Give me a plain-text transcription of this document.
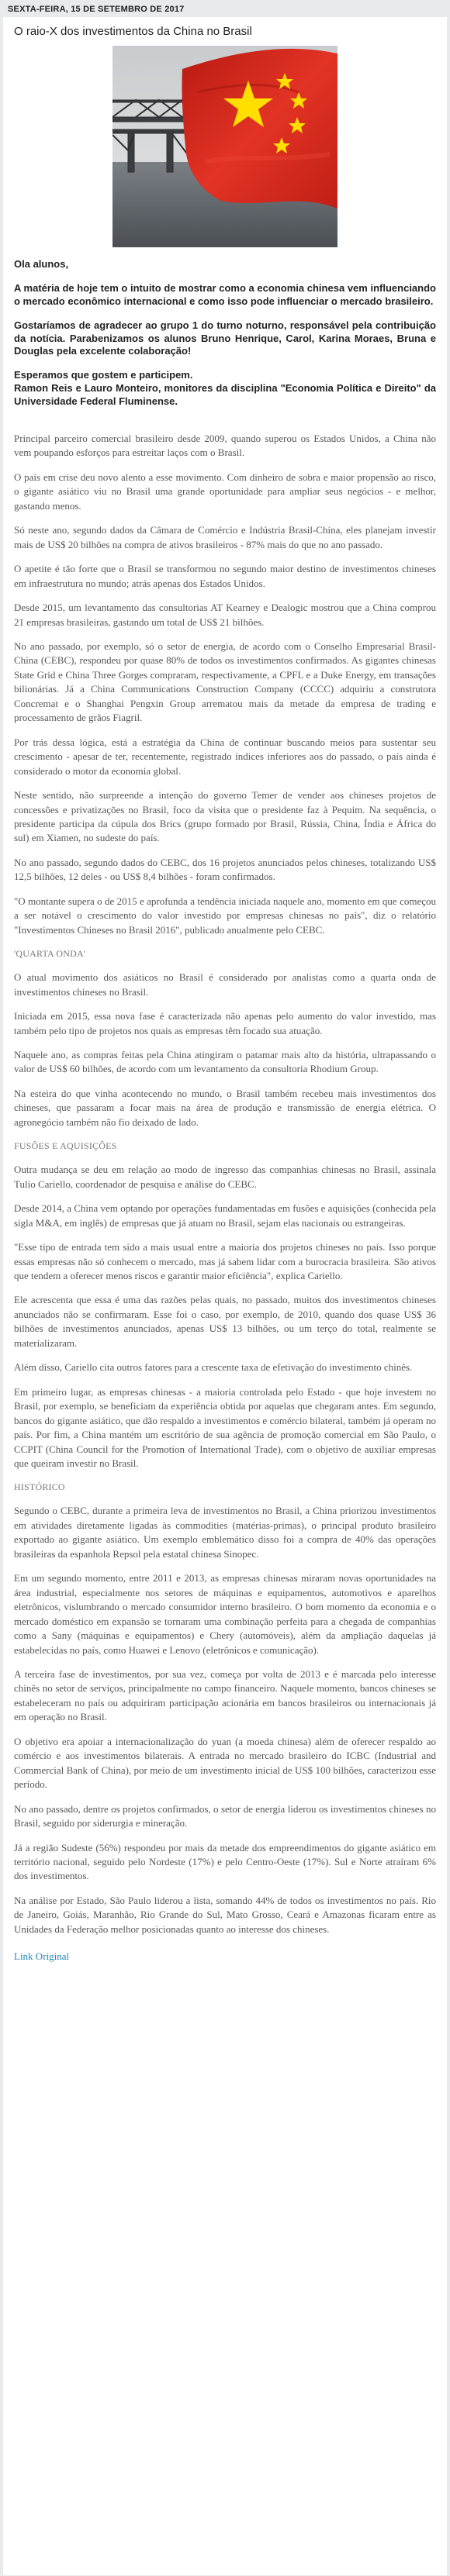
SEXTA-FEIRA, 15 DE SETEMBRO DE 2017
O raio-X dos investimentos da China no Brasil

Ola alunos,

A matéria de hoje tem o intuito de mostrar como a economia chinesa vem influenciando o mercado econômico internacional e como isso pode influenciar o mercado brasileiro.

Gostaríamos de agradecer ao grupo 1 do turno noturno, responsável pela contribuição da notícia. Parabenizamos os alunos Bruno Henrique, Carol, Karina Moraes, Bruna e Douglas pela excelente colaboração!

Esperamos que gostem e participem.

Ramon Reis e Lauro Monteiro, monitores da disciplina "Economia Política e Direito" da Universidade Federal Fluminense.

Principal parceiro comercial brasileiro desde 2009, quando superou os Estados Unidos, a China não vem poupando esforços para estreitar laços com o Brasil.

O país em crise deu novo alento a esse movimento. Com dinheiro de sobra e maior propensão ao risco, o gigante asiático viu no Brasil uma grande oportunidade para ampliar seus negócios - e melhor, gastando menos.

Só neste ano, segundo dados da Câmara de Comércio e Indústria Brasil-China, eles planejam investir mais de US$ 20 bilhões na compra de ativos brasileiros - 87% mais do que no ano passado.

O apetite é tão forte que o Brasil se transformou no segundo maior destino de investimentos chineses em infraestrutura no mundo; atrás apenas dos Estados Unidos.

Desde 2015, um levantamento das consultorias AT Kearney e Dealogic mostrou que a China comprou 21 empresas brasileiras, gastando um total de US$ 21 bilhões.

No ano passado, por exemplo, só o setor de energia, de acordo com o Conselho Empresarial Brasil-China (CEBC), respondeu por quase 80% de todos os investimentos confirmados. As gigantes chinesas State Grid e China Three Gorges compraram, respectivamente, a CPFL e a Duke Energy, em transações bilionárias. Já a China Communications Construction Company (CCCC) adquiriu a construtora Concremat e o Shanghai Pengxin Group arrematou mais da metade da empresa de trading e processamento de grãos Fiagril.

Por trás dessa lógica, está a estratégia da China de continuar buscando meios para sustentar seu crescimento - apesar de ter, recentemente, registrado índices inferiores aos do passado, o país ainda é considerado o motor da economia global.

Neste sentido, não surpreende a intenção do governo Temer de vender aos chineses projetos de concessões e privatizações no Brasil, foco da visita que o presidente faz à Pequim. Na sequência, o presidente participa da cúpula dos Brics (grupo formado por Brasil, Rússia, China, Índia e África do sul) em Xiamen, no sudeste do país.

No ano passado, segundo dados do CEBC, dos 16 projetos anunciados pelos chineses, totalizando US$ 12,5 bilhões, 12 deles - ou US$ 8,4 bilhões - foram confirmados.

"O montante supera o de 2015 e aprofunda a tendência iniciada naquele ano, momento em que começou a ser notável o crescimento do valor investido por empresas chinesas no país", diz o relatório "Investimentos Chineses no Brasil 2016", publicado anualmente pelo CEBC.

'QUARTA ONDA'

O atual movimento dos asiáticos no Brasil é considerado por analistas como a quarta onda de investimentos chineses no Brasil.

Iniciada em 2015, essa nova fase é caracterizada não apenas pelo aumento do valor investido, mas também pelo tipo de projetos nos quais as empresas têm focado sua atuação.

Naquele ano, as compras feitas pela China atingiram o patamar mais alto da história, ultrapassando o valor de US$ 60 bilhões, de acordo com um levantamento da consultoria Rhodium Group.

Na esteira do que vinha acontecendo no mundo, o Brasil também recebeu mais investimentos dos chineses, que passaram a focar mais na área de produção e transmissão de energia elétrica. O agronegócio também não fio deixado de lado.

FUSÕES E AQUISIÇÕES

Outra mudança se deu em relação ao modo de ingresso das companhias chinesas no Brasil, assinala Tulio Cariello, coordenador de pesquisa e análise do CEBC.

Desde 2014, a China vem optando por operações fundamentadas em fusões e aquisições (conhecida pela sigla M&A, em inglês) de empresas que já atuam no Brasil, sejam elas nacionais ou estrangeiras.

"Esse tipo de entrada tem sido a mais usual entre a maioria dos projetos chineses no país. Isso porque essas empresas não só conhecem o mercado, mas já sabem lidar com a burocracia brasileira. São ativos que tendem a oferecer menos riscos e garantir maior eficiência", explica Cariello.

Ele acrescenta que essa é uma das razões pelas quais, no passado, muitos dos investimentos chineses anunciados não se confirmaram. Esse foi o caso, por exemplo, de 2010, quando dos quase US$ 36 bilhões de investimentos anunciados, apenas US$ 13 bilhões, ou um terço do total, realmente se materializaram.

Além disso, Cariello cita outros fatores para a crescente taxa de efetivação do investimento chinês.

Em primeiro lugar, as empresas chinesas - a maioria controlada pelo Estado - que hoje investem no Brasil, por exemplo, se beneficiam da experiência obtida por aquelas que chegaram antes. Em segundo, bancos do gigante asiático, que dão respaldo a investimentos e comércio bilateral, também já operam no país. Por fim, a China mantém um escritório de sua agência de promoção comercial em São Paulo, o CCPIT (China Council for the Promotion of International Trade), com o objetivo de auxiliar empresas que queiram investir no Brasil.

HISTÓRICO

Segundo o CEBC, durante a primeira leva de investimentos no Brasil, a China priorizou investimentos em atividades diretamente ligadas às commodities (matérias-primas), o principal produto brasileiro exportado ao gigante asiático. Um exemplo emblemático disso foi a compra de 40% das operações brasileiras da espanhola Repsol pela estatal chinesa Sinopec.

Em um segundo momento, entre 2011 e 2013, as empresas chinesas miraram novas oportunidades na área industrial, especialmente nos setores de máquinas e equipamentos, automotivos e aparelhos eletrônicos, vislumbrando o mercado consumidor interno brasileiro. O bom momento da economia e o mercado doméstico em expansão se tornaram uma combinação perfeita para a chegada de companhias como a Sany (máquinas e equipamentos) e Chery (automóveis), além da ampliação daquelas já estabelecidas no país, como Huawei e Lenovo (eletrônicos e comunicação).

A terceira fase de investimentos, por sua vez, começa por volta de 2013 e é marcada pelo interesse chinês no setor de serviços, principalmente no campo financeiro. Naquele momento, bancos chineses se estabeleceram no país ou adquiriram participação acionária em bancos brasileiros ou internacionais já em operação no Brasil.

O objetivo era apoiar a internacionalização do yuan (a moeda chinesa) além de oferecer respaldo ao comércio e aos investimentos bilaterais. A entrada no mercado brasileiro do ICBC (Industrial and Commercial Bank of China), por meio de um investimento inicial de US$ 100 bilhões, caracterizou esse período.

No ano passado, dentre os projetos confirmados, o setor de energia liderou os investimentos chineses no Brasil, seguido por siderurgia e mineração.

Já a região Sudeste (56%) respondeu por mais da metade dos empreendimentos do gigante asiático em território nacional, seguido pelo Nordeste (17%) e pelo Centro-Oeste (17%). Sul e Norte atraíram 6% dos investimentos.

Na análise por Estado, São Paulo liderou a lista, somando 44% de todos os investimentos no país. Rio de Janeiro, Goiás, Maranhão, Rio Grande do Sul, Mato Grosso, Ceará e Amazonas ficaram entre as Unidades da Federação melhor posicionadas quanto ao interesse dos chineses.

Link Original
